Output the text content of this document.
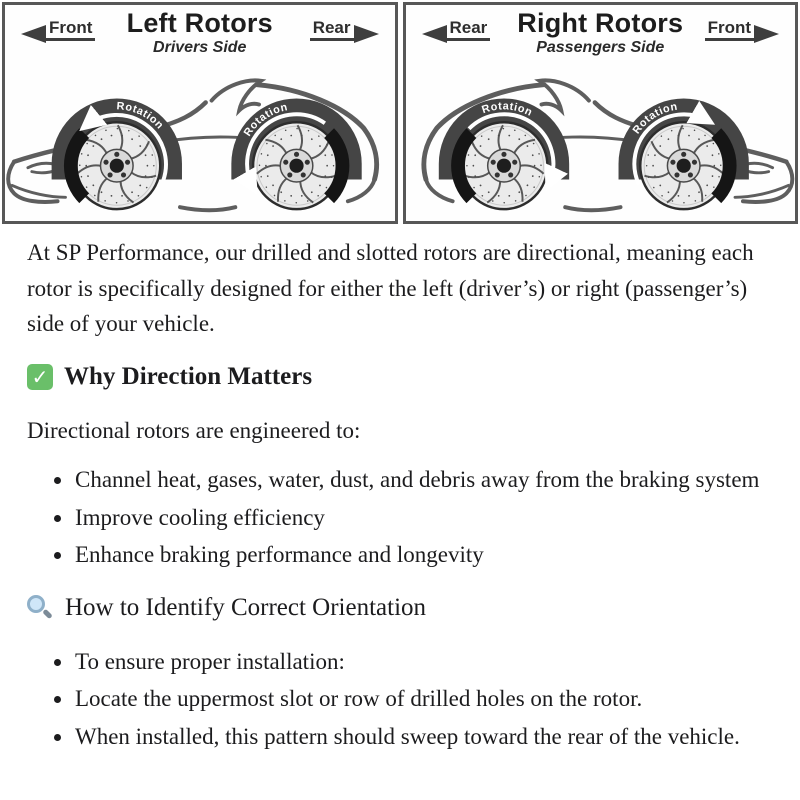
Front Left Rotors
Drivers Side
Rear
Rotation	Rotation
Rear Right Rotors
Passengers Side
Front
Rotation
Rotation

At SP Performance, our drilled and slotted rotors are directional, meaning each rotor is specifically designed for either the left (driver’s) or right (passenger’s) side of your vehicle.

✓ Why Direction Matters

Directional rotors are engineered to:

• Channel heat, gases, water, dust, and debris away from the braking system
• Improve cooling efficiency
• Enhance braking performance and longevity
How to Identify Correct Orientation
• To ensure proper installation:
• Locate the uppermost slot or row of drilled holes on the rotor.
• When installed, this pattern should sweep toward the rear of the vehicle.
